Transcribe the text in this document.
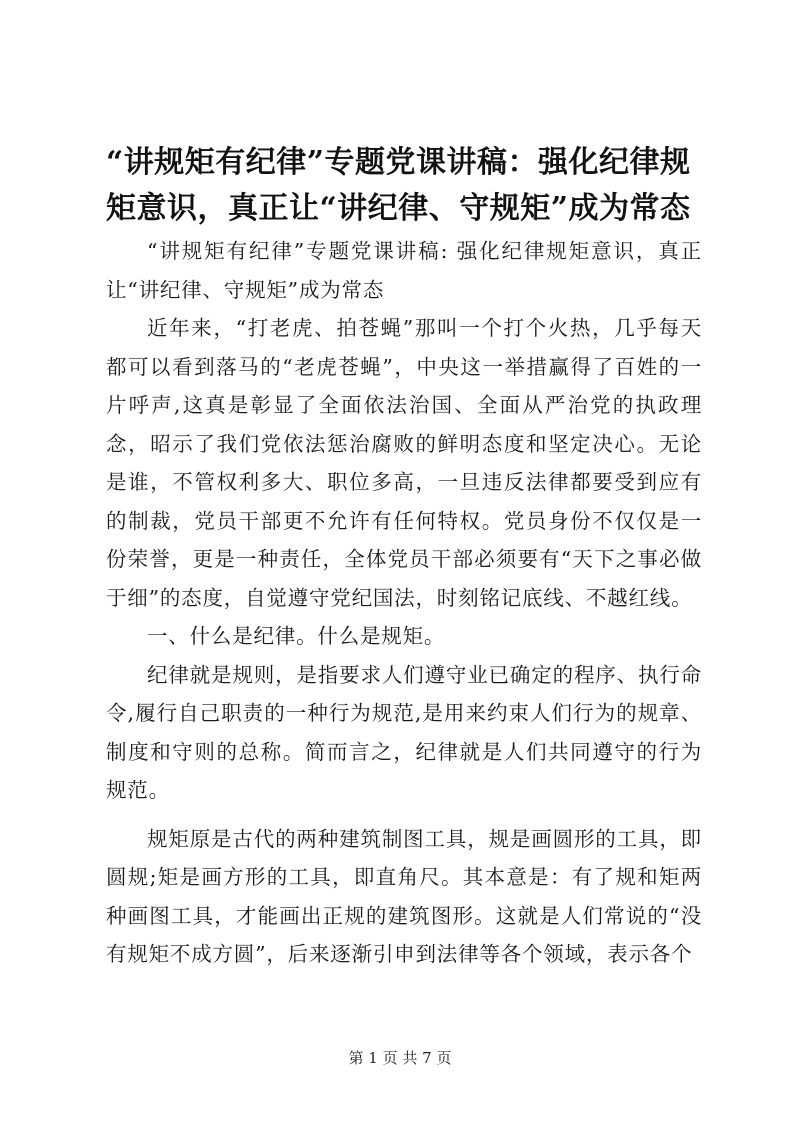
“讲规矩有纪律”专题党课讲稿：强化纪律规矩意识，真正让“讲纪律、守规矩”成为常态

“讲规矩有纪律”专题党课讲稿: 强化纪律规矩意识，真正让“讲纪律、守规矩”成为常态

近年来，“打老虎、拍苍蝇”那叫一个打个火热，几乎每天都可以看到落马的“老虎苍蝇”，中央这一举措赢得了百姓的一片呼声,这真是彰显了全面依法治国、全面从严治党的执政理念，昭示了我们党依法惩治腐败的鲜明态度和坚定决心。无论是谁，不管权利多大、职位多高，一旦违反法律都要受到应有的制裁，党员干部更不允许有任何特权。党员身份不仅仅是一份荣誉，更是一种责任，全体党员干部必须要有“天下之事必做于细”的态度，自觉遵守党纪国法，时刻铭记底线、不越红线。

一、什么是纪律。什么是规矩。

纪律就是规则，是指要求人们遵守业已确定的程序、执行命令,履行自己职责的一种行为规范,是用来约束人们行为的规章、制度和守则的总称。简而言之，纪律就是人们共同遵守的行为规范。

规矩原是古代的两种建筑制图工具，规是画圆形的工具，即圆规;矩是画方形的工具，即直角尺。其本意是：有了规和矩两种画图工具，才能画出正规的建筑图形。这就是人们常说的“没有规矩不成方圆”，后来逐渐引申到法律等各个领域，表示各个

第 1 页 共 7 页
